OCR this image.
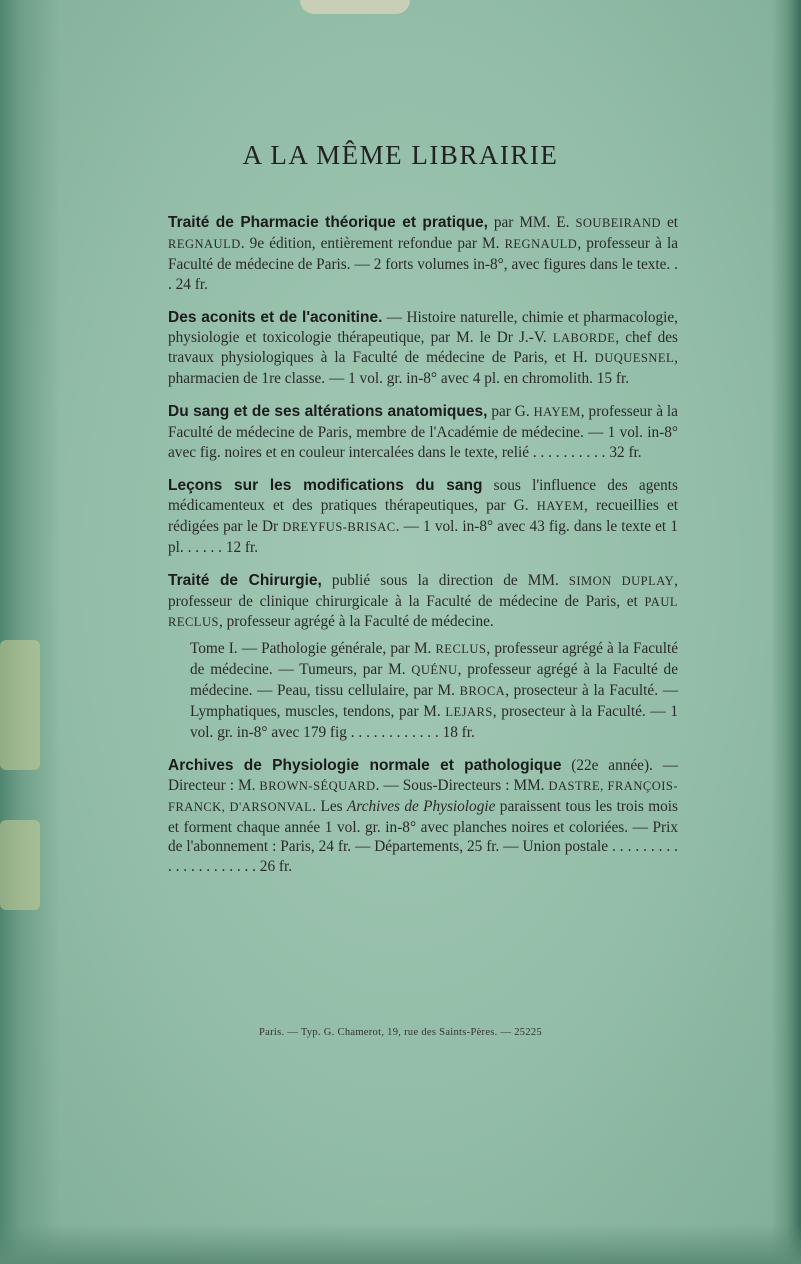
A LA MÊME LIBRAIRIE

Traité de Pharmacie théorique et pratique, par MM. E. SOUBEIRAND et REGNAULD. 9e édition, entièrement refondue par M. REGNAULD, professeur à la Faculté de médecine de Paris. — 2 forts volumes in-8°, avec figures dans le texte. . . 24 fr.

Des aconits et de l'aconitine. — Histoire naturelle, chimie et pharmacologie, physiologie et toxicologie thérapeutique, par M. le Dr J.-V. LABORDE, chef des travaux physiologiques à la Faculté de médecine de Paris, et H. DUQUESNEL, pharmacien de 1re classe. — 1 vol. gr. in-8° avec 4 pl. en chromolith. 15 fr.

Du sang et de ses altérations anatomiques, par G. HAYEM, professeur à la Faculté de médecine de Paris, membre de l'Académie de médecine. — 1 vol. in-8° avec fig. noires et en couleur intercalées dans le texte, relié . . . . . . . . . . 32 fr.

Leçons sur les modifications du sang sous l'influence des agents médicamenteux et des pratiques thérapeutiques, par G. HAYEM, recueillies et rédigées par le Dr DREYFUS-BRISAC. — 1 vol. in-8° avec 43 fig. dans le texte et 1 pl. . . . . . 12 fr.

Traité de Chirurgie, publié sous la direction de MM. SIMON DUPLAY, professeur de clinique chirurgicale à la Faculté de médecine de Paris, et PAUL RECLUS, professeur agrégé à la Faculté de médecine.

Tome I. — Pathologie générale, par M. RECLUS, professeur agrégé à la Faculté de médecine. — Tumeurs, par M. QUÉNU, professeur agrégé à la Faculté de médecine. — Peau, tissu cellulaire, par M. BROCA, prosecteur à la Faculté. — Lymphatiques, muscles, tendons, par M. LEJARS, prosecteur à la Faculté. — 1 vol. gr. in-8° avec 179 fig . . . . . . . . . . . . 18 fr.

Archives de Physiologie normale et pathologique (22e année). — Directeur : M. BROWN-SÉQUARD. — Sous-Directeurs : MM. DASTRE, FRANÇOIS-FRANCK, D'ARSONVAL. Les Archives de Physiologie paraissent tous les trois mois et forment chaque année 1 vol. gr. in-8° avec planches noires et coloriées. — Prix de l'abonnement : Paris, 24 fr. — Départements, 25 fr. — Union postale . . . . . . . . . . . . . . . . . . . . . 26 fr.

Paris. — Typ. G. Chamerot, 19, rue des Saints-Pères. — 25225
